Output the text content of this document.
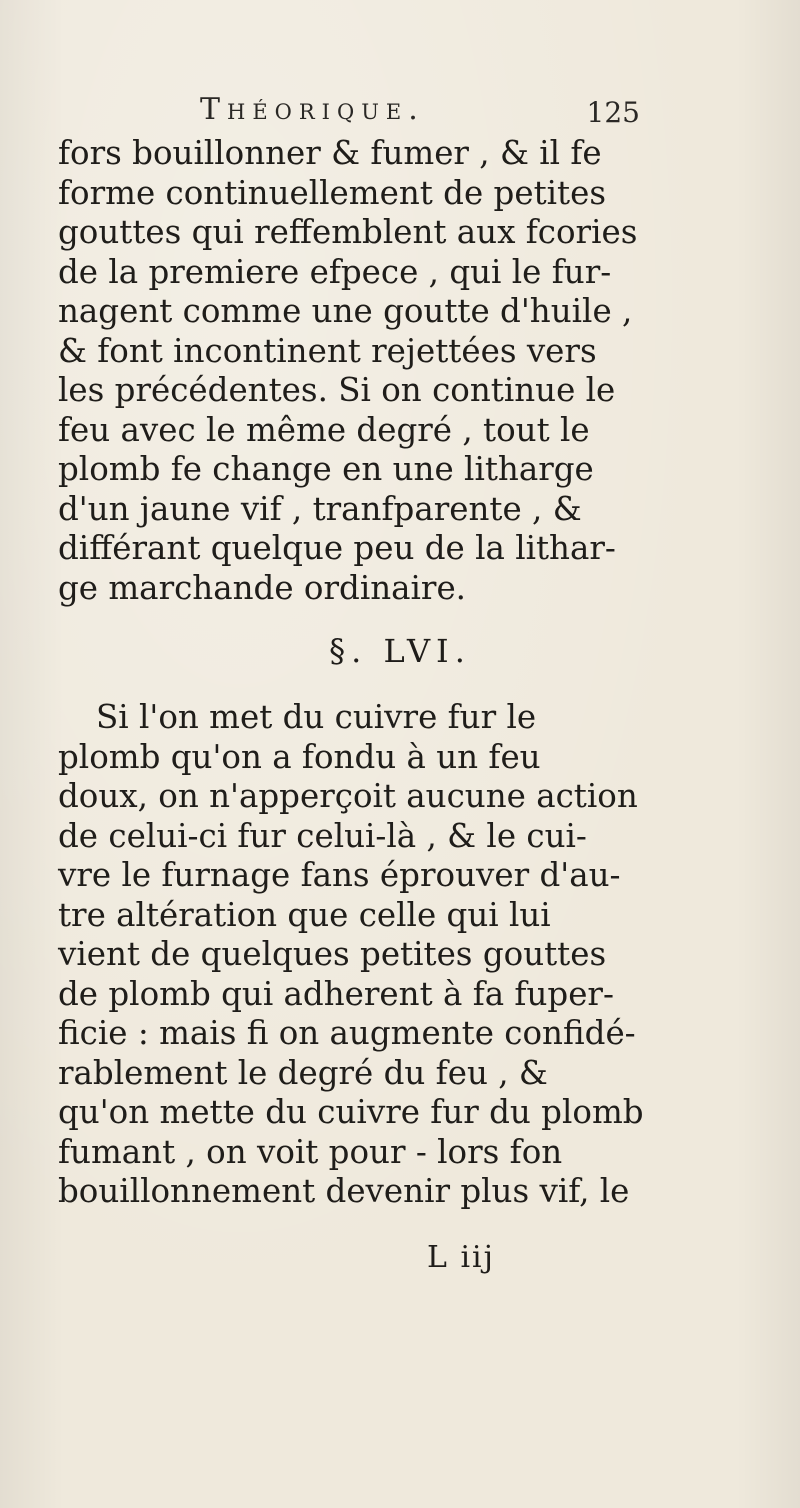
Théorique.	125
fors bouillonner & fumer , & il fe
forme continuellement de petites
gouttes qui reffemblent aux fcories
de la premiere efpece , qui le fur-
nagent comme une goutte d'huile ,
& font incontinent rejettées vers
les précédentes. Si on continue le
feu avec le même degré , tout le
plomb fe change en une litharge
d'un jaune vif , tranfparente , &
différant quelque peu de la lithar-
ge marchande ordinaire.
§. LVI.
Si l'on met du cuivre fur le
plomb qu'on a fondu à un feu
doux, on n'apperçoit aucune action
de celui-ci fur celui-là , & le cui-
vre le furnage fans éprouver d'au-
tre altération que celle qui lui
vient de quelques petites gouttes
de plomb qui adherent à fa fuper-
ficie : mais fi on augmente confidé-
rablement le degré du feu , &
qu'on mette du cuivre fur du plomb
fumant , on voit pour - lors fon
bouillonnement devenir plus vif, le
L iij
